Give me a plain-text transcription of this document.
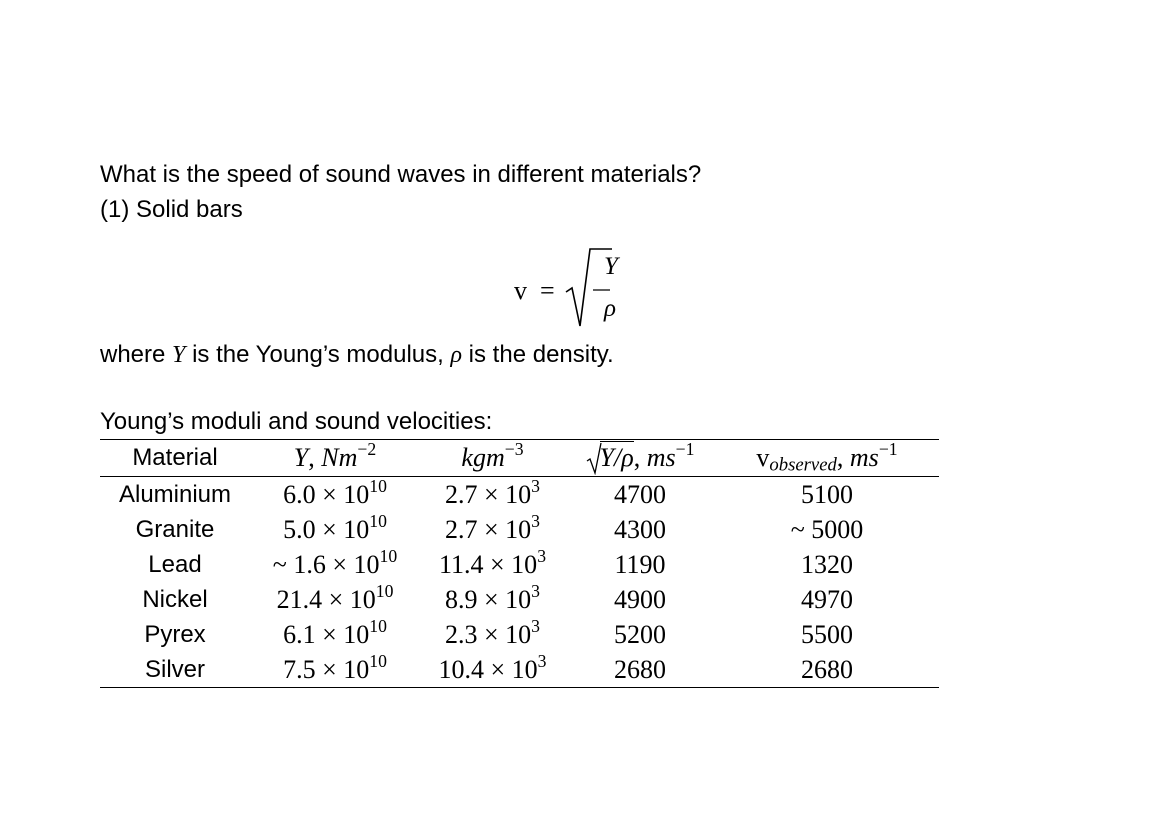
What is the speed of sound waves in different materials?
(1) Solid bars
v =
Y
ρ
where Y is the Young’s modulus, ρ is the density.
Young’s moduli and sound velocities:
Material	Y, $Nm^{-2}$	kgm$^{-3}$	Y/ρ, $ms^{-1}$	$v_{observed}$, $ms^{-1}$
Aluminium	$6.0 \times 10^{10}$	$2.7 \times 10^3$	4700	5100
Granite	$5.0 \times 10^{10}$	$2.7 \times 10^3$	4300	~ 5000
Lead	~ $1.6 \times 10^{10}$	$11.4 \times 10^3$	1190	1320
Nickel	$21.4 \times 10^{10}$	$8.9 \times 10^3$	4900	4970
Pyrex	$6.1 \times 10^{10}$	$2.3 \times 10^3$	5200	5500
Silver	$7.5 \times 10^{10}$	$10.4 \times 10^3$	2680	2680
